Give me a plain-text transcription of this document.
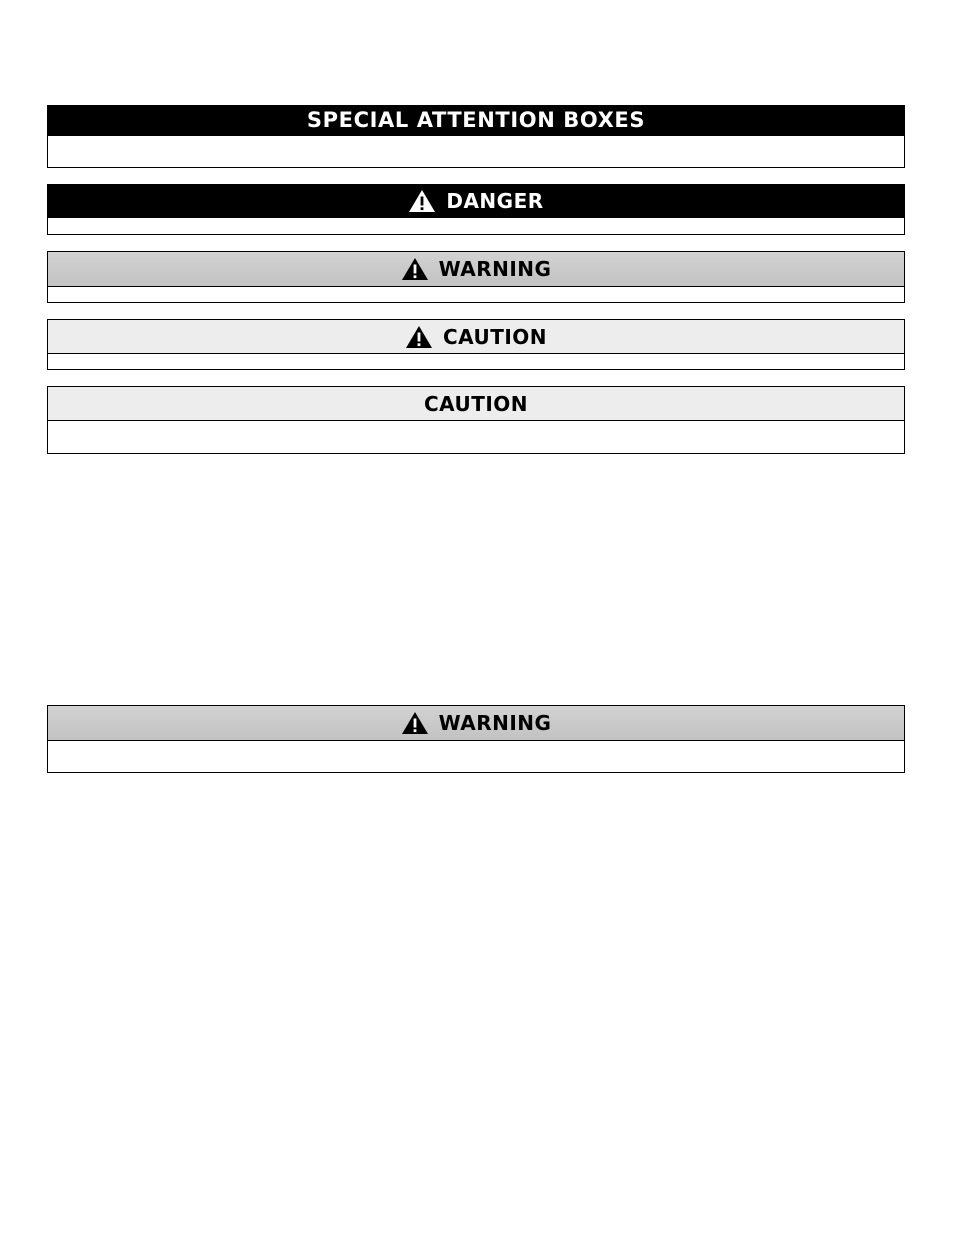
SPECIAL ATTENTION BOXES
DANGER
WARNING
CAUTION
CAUTION
WARNING
